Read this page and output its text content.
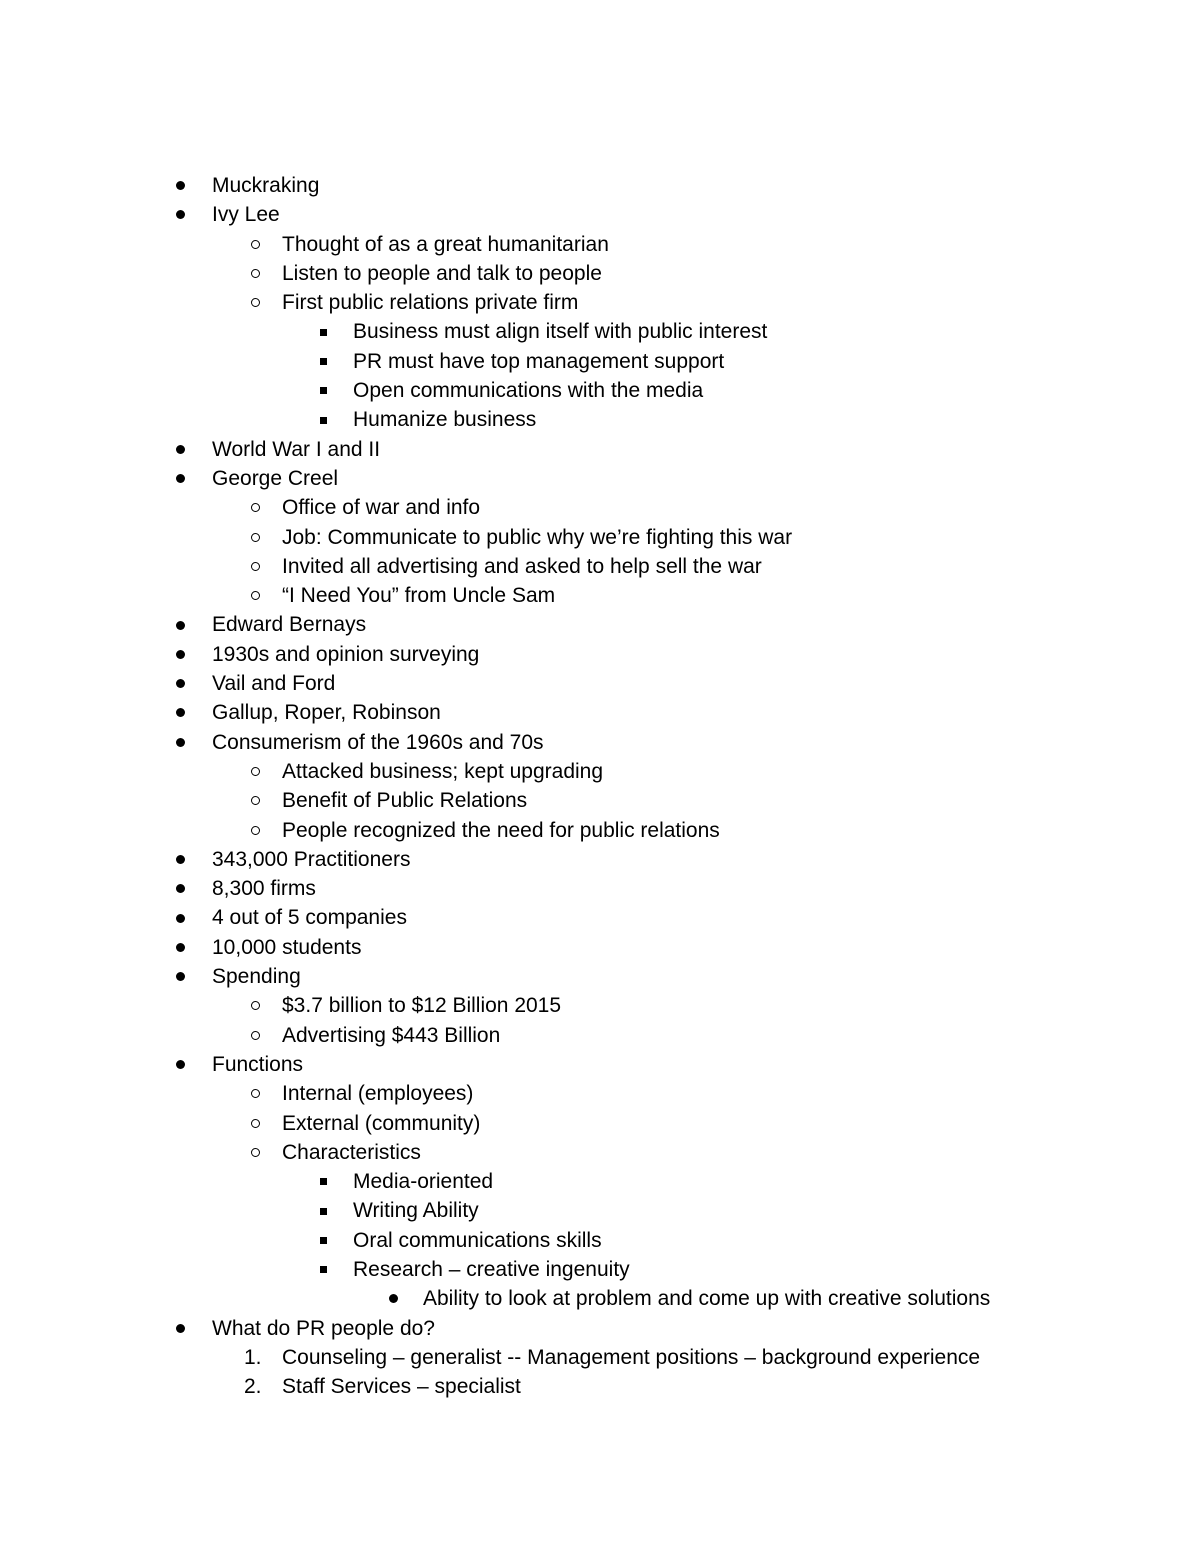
Muckraking
Ivy Lee
Thought of as a great humanitarian
Listen to people and talk to people
First public relations private firm
Business must align itself with public interest
PR must have top management support
Open communications with the media
Humanize business
World War I and II
George Creel
Office of war and info
Job: Communicate to public why we’re fighting this war
Invited all advertising and asked to help sell the war
“I Need You” from Uncle Sam
Edward Bernays
1930s and opinion surveying
Vail and Ford
Gallup, Roper, Robinson
Consumerism of the 1960s and 70s
Attacked business; kept upgrading
Benefit of Public Relations
People recognized the need for public relations
343,000 Practitioners
8,300 firms
4 out of 5 companies
10,000 students
Spending
$3.7 billion to $12 Billion 2015
Advertising $443 Billion
Functions
Internal (employees)
External (community)
Characteristics
Media-oriented
Writing Ability
Oral communications skills
Research – creative ingenuity
Ability to look at problem and come up with creative solutions
What do PR people do?
1. Counseling – generalist -- Management positions – background experience
2. Staff Services – specialist
